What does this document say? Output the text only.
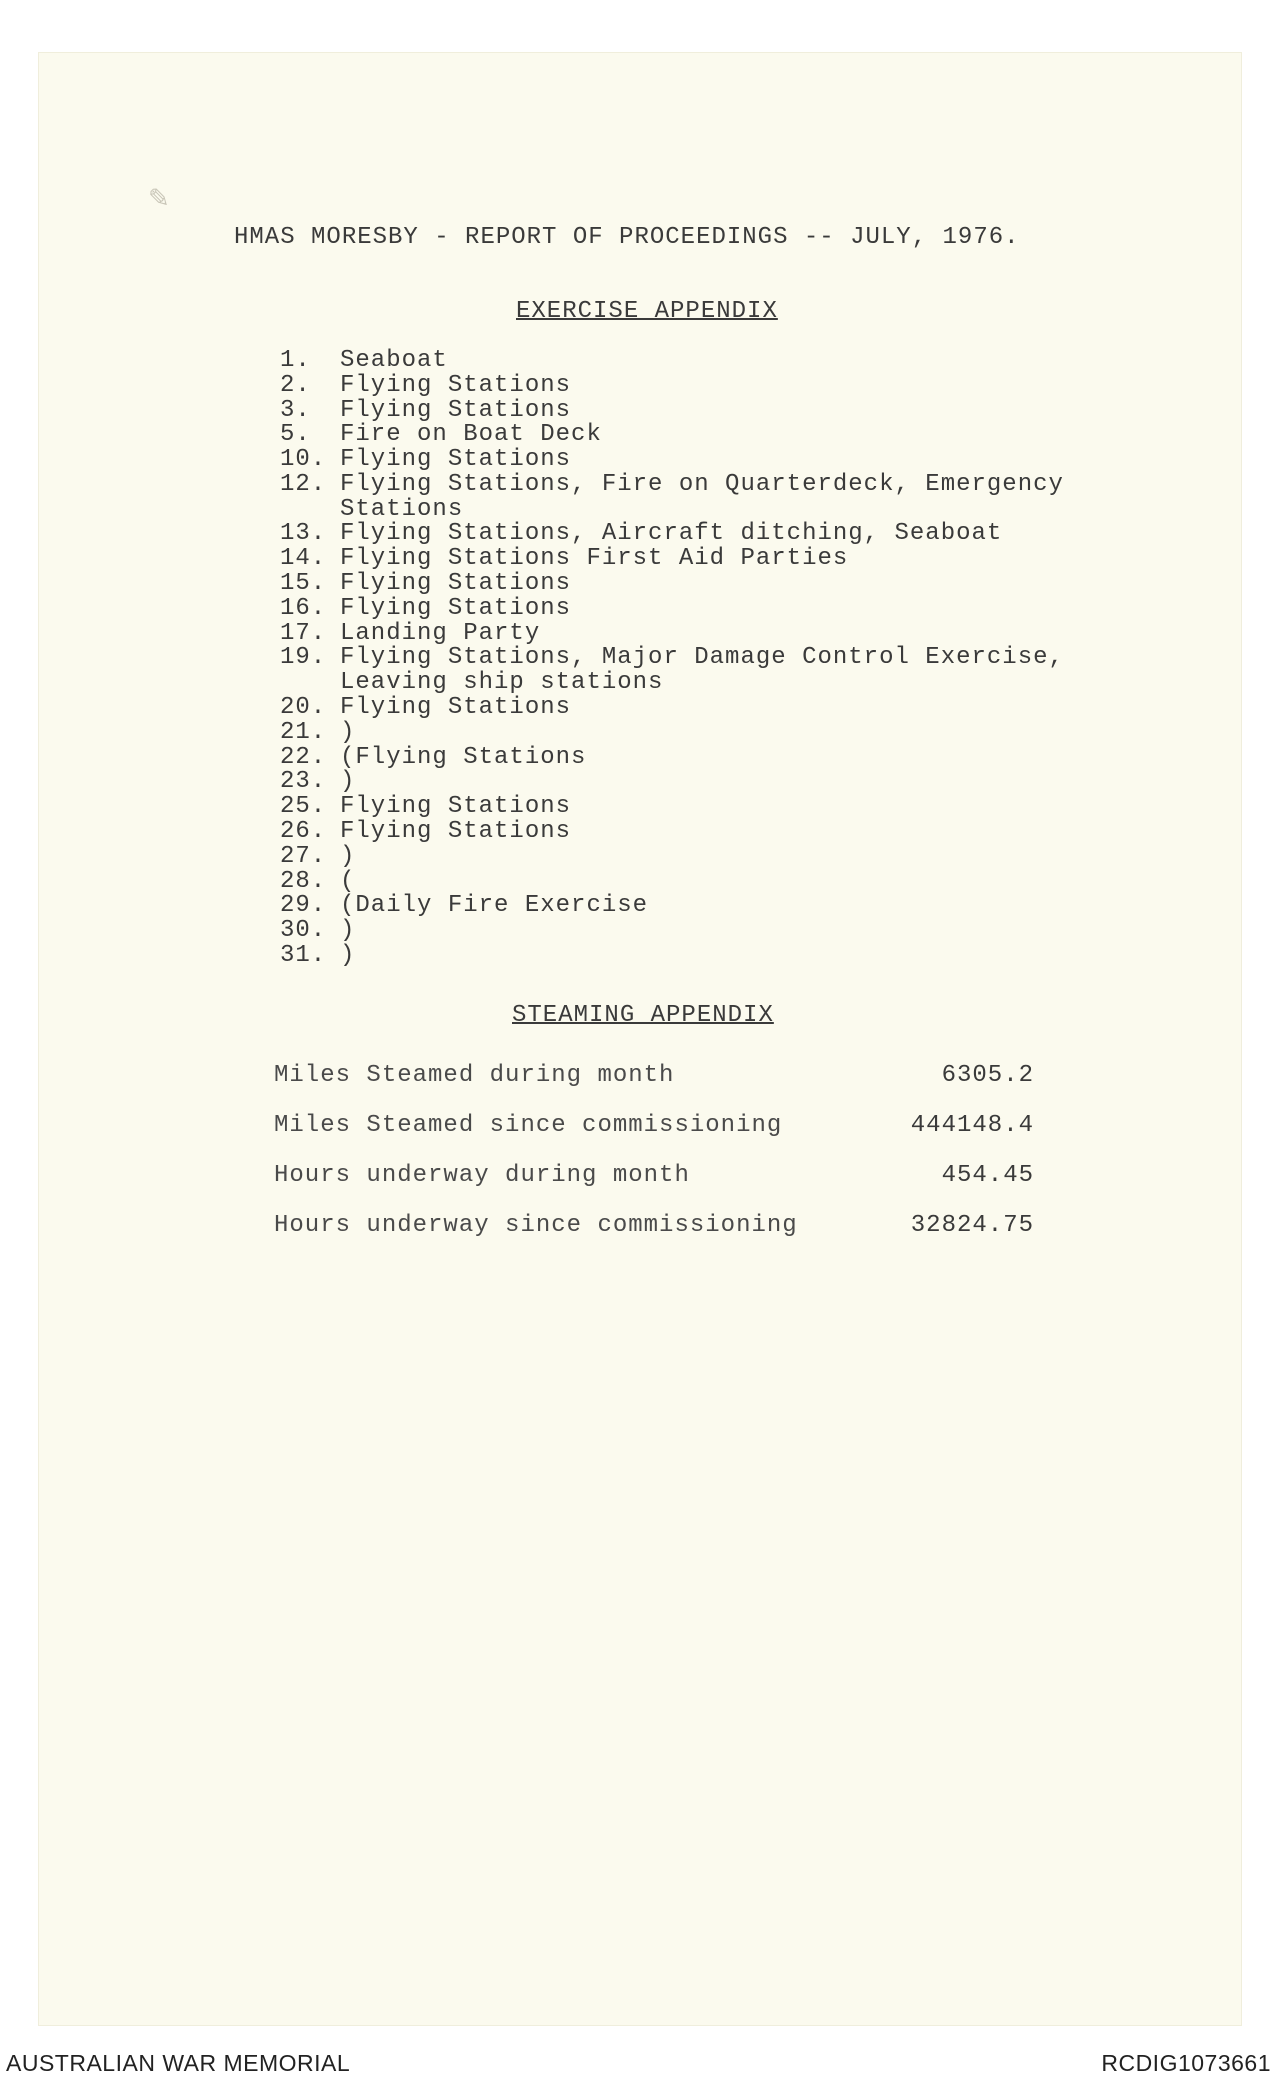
✎
HMAS MORESBY - REPORT OF PROCEEDINGS -- JULY, 1976.
EXERCISE APPENDIX
1.	Seaboat
2.	Flying Stations
3.	Flying Stations
5.	Fire on Boat Deck
10. Flying Stations
12. Flying Stations, Fire on Quarterdeck, Emergency
Stations
13. Flying Stations, Aircraft ditching, Seaboat
14. Flying Stations First Aid Parties
15. Flying Stations
16. Flying Stations
17. Landing Party
19. Flying Stations, Major Damage Control Exercise,
Leaving ship stations
20. Flying Stations
21. )
22. (Flying Stations
23. )
25. Flying Stations
26. Flying Stations
27. )
28. (
29. (Daily Fire Exercise
30. )
31. )
STEAMING APPENDIX
Miles Steamed during month	6305.2
Miles Steamed since commissioning	444148.4
Hours underway during month	454.45
Hours underway since commissioning	32824.75
AUSTRALIAN WAR MEMORIAL	RCDIG1073661
